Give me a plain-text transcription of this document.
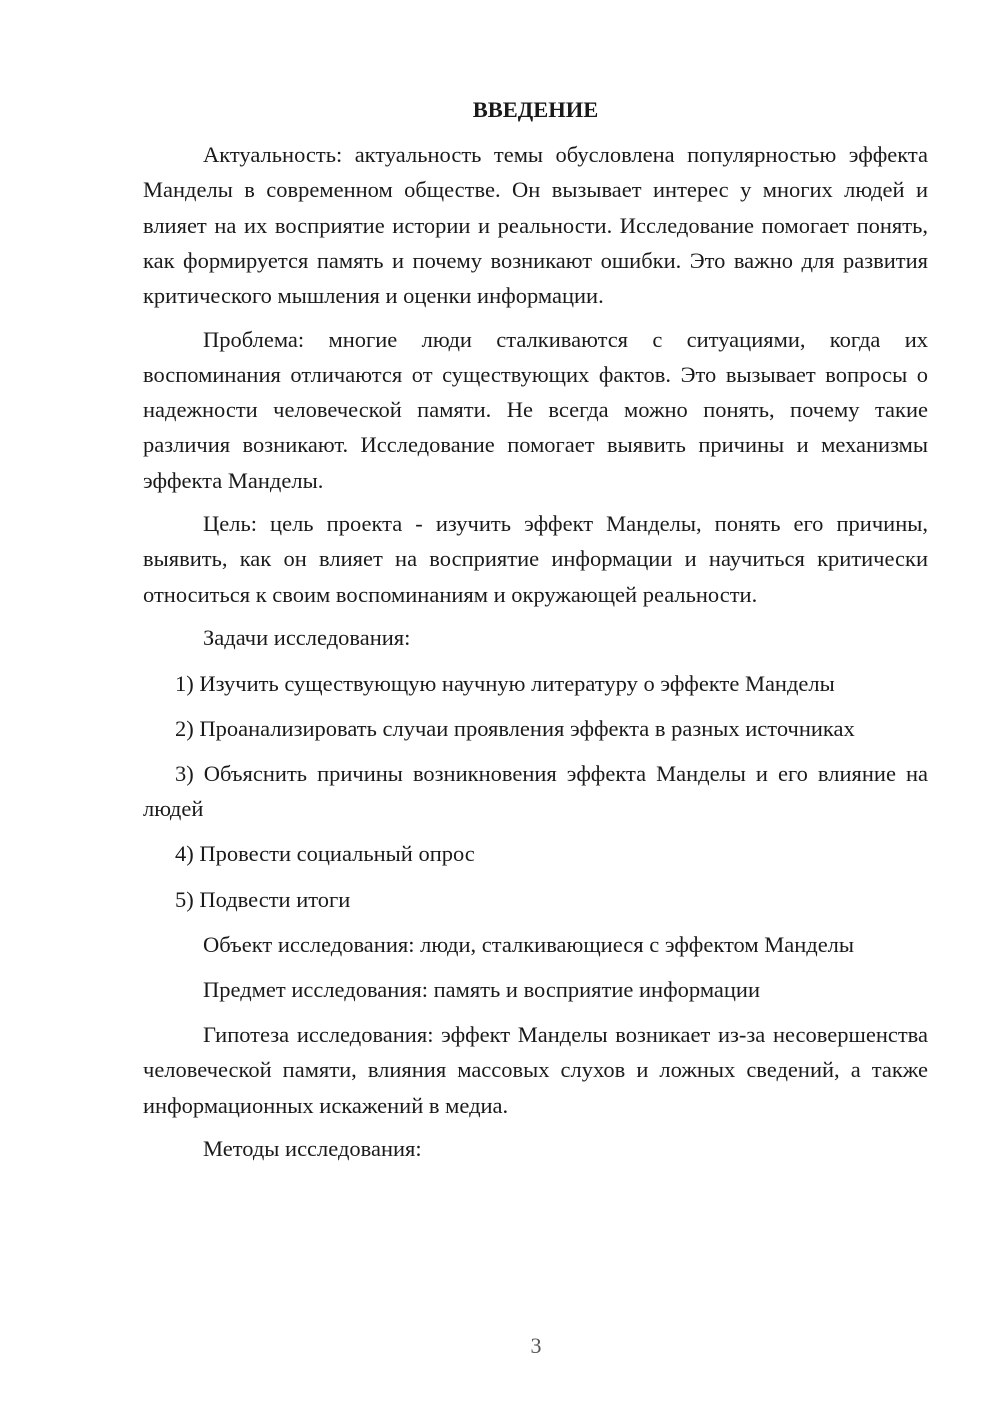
ВВЕДЕНИЕ

Актуальность: актуальность темы обусловлена популярностью эффекта Манделы в современном обществе. Он вызывает интерес у многих людей и влияет на их восприятие истории и реальности. Исследование помогает понять, как формируется память и почему возникают ошибки. Это важно для развития критического мышления и оценки информации.

Проблема: многие люди сталкиваются с ситуациями, когда их воспоминания отличаются от существующих фактов. Это вызывает вопросы о надежности человеческой памяти. Не всегда можно понять, почему такие различия возникают. Исследование помогает выявить причины и механизмы эффекта Манделы.

Цель: цель проекта - изучить эффект Манделы, понять его причины, выявить, как он влияет на восприятие информации и научиться критически относиться к своим воспоминаниям и окружающей реальности.

Задачи исследования:

1) Изучить существующую научную литературу о эффекте Манделы

2) Проанализировать случаи проявления эффекта в разных источниках

3) Объяснить причины возникновения эффекта Манделы и его влияние на людей

4) Провести социальный опрос

5) Подвести итоги

Объект исследования: люди, сталкивающиеся с эффектом Манделы

Предмет исследования: память и восприятие информации

Гипотеза исследования: эффект Манделы возникает из-за несовершенства человеческой памяти, влияния массовых слухов и ложных сведений, а также информационных искажений в медиа.

Методы исследования:

3
